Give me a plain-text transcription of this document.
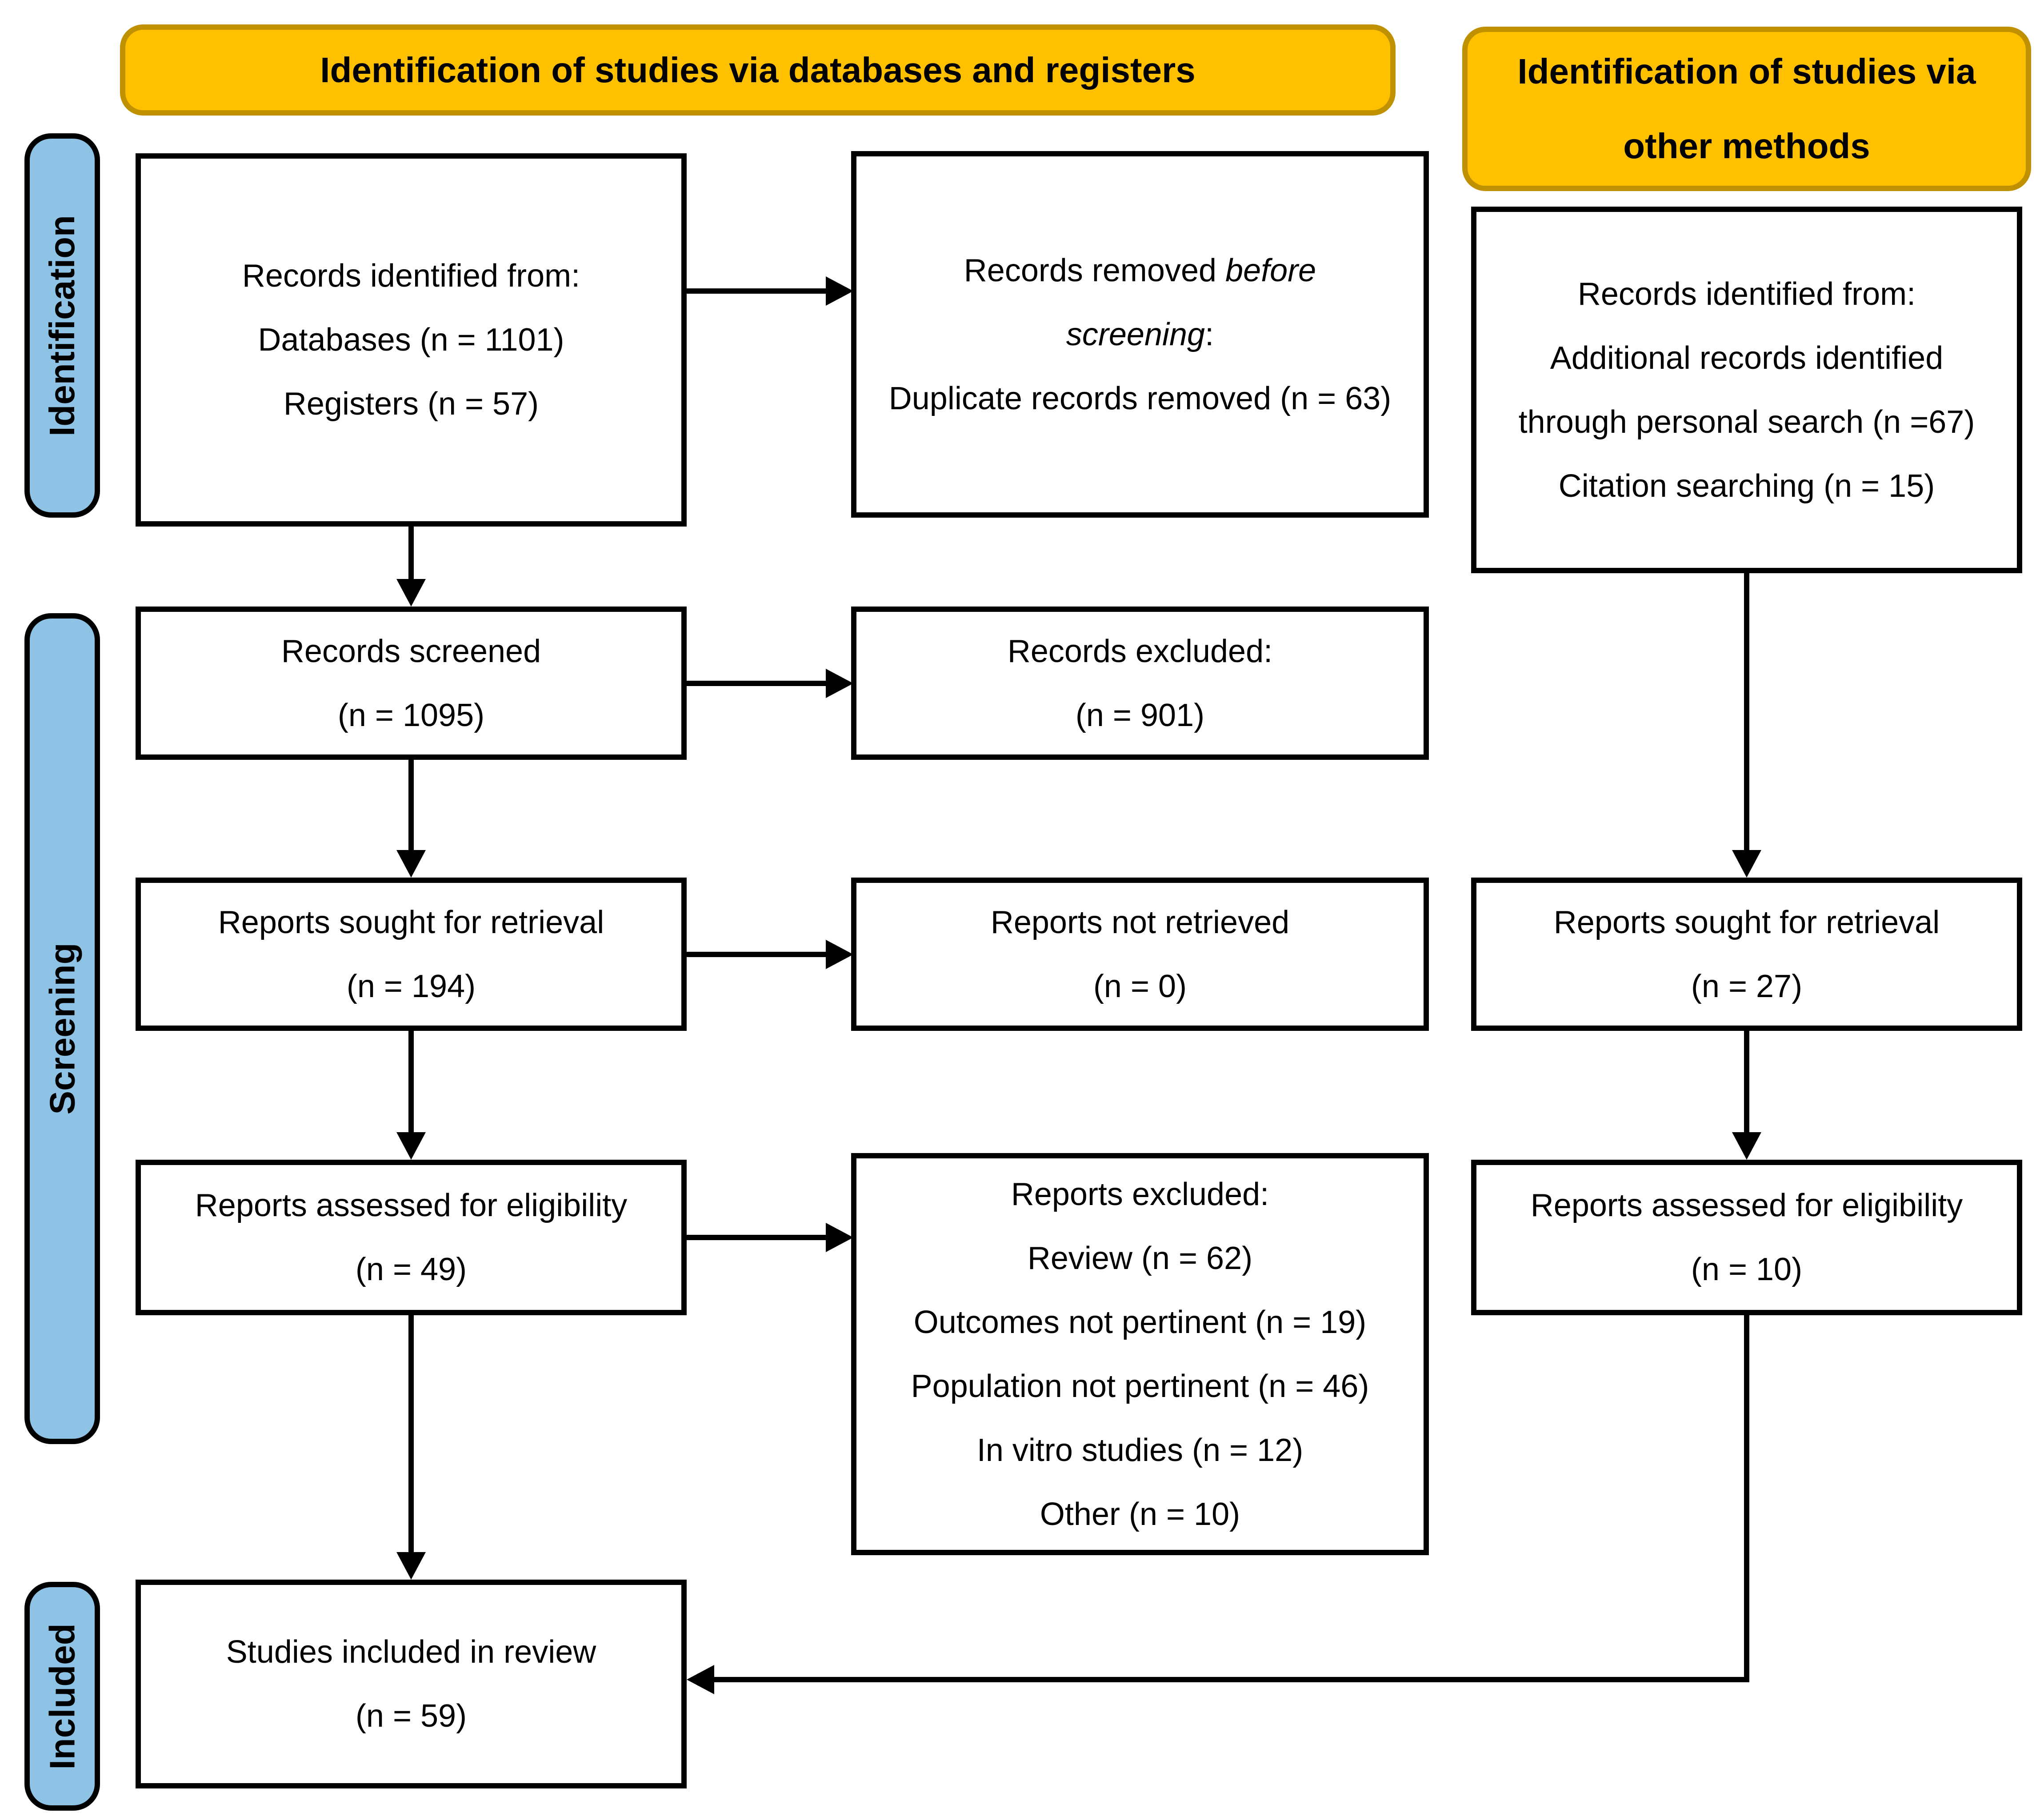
Identification of studies via databases and registers	Identification of studies via
other methods
Identification
Screening
Included
Records identified from:
Databases (n = 1101)
Registers (n = 57)
Records screened
(n = 1095)
Reports sought for retrieval
(n = 194)
Reports assessed for eligibility
(n = 49)
Studies included in review
(n = 59)
Records removed before
screening:
Duplicate records removed (n = 63)
Records excluded:
(n = 901)
Reports not retrieved
(n = 0)
Reports excluded:
Review (n = 62)
Outcomes not pertinent (n = 19)
Population not pertinent (n = 46)
In vitro studies (n = 12)
Other (n = 10)
Records identified from:
Additional records identified
through personal search (n =67)
Citation searching (n = 15)
Reports sought for retrieval
(n = 27)
Reports assessed for eligibility
(n = 10)
